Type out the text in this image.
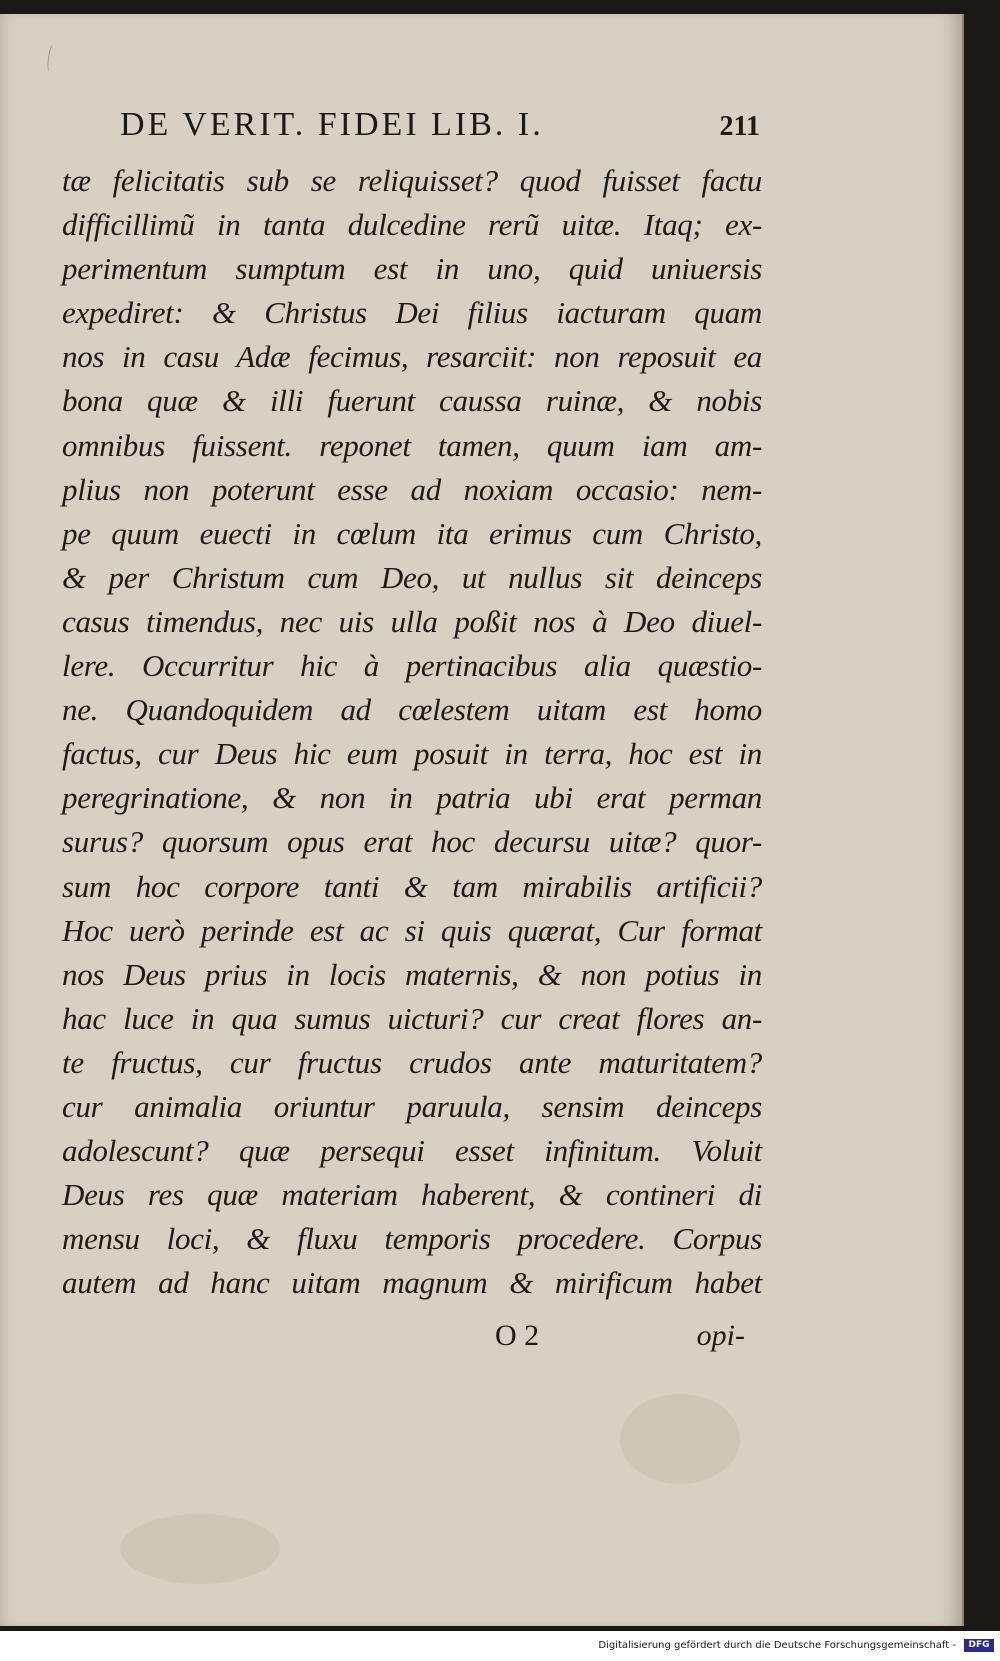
DE VERIT. FIDEI LIB. I.	211
tæ felicitatis sub se reliquisset? quod fuisset factu
difficillimũ in tanta dulcedine rerũ uitæ. Itaq; ex-
perimentum sumptum est in uno, quid uniuersis
expediret: & Christus Dei filius iacturam quam
nos in casu Adæ fecimus, resarciit: non reposuit ea
bona quæ & illi fuerunt caussa ruinæ, & nobis
omnibus fuissent. reponet tamen, quum iam am-
plius non poterunt esse ad noxiam occasio: nem-
pe quum euecti in cœlum ita erimus cum Christo,
& per Christum cum Deo, ut nullus sit deinceps
casus timendus, nec uis ulla poßit nos à Deo diuel-
lere. Occurritur hic à pertinacibus alia quæstio-
ne. Quandoquidem ad cœlestem uitam est homo
factus, cur Deus hic eum posuit in terra, hoc est in
peregrinatione, & non in patria ubi erat perman
surus? quorsum opus erat hoc decursu uitæ? quor-
sum hoc corpore tanti & tam mirabilis artificii?
Hoc uerò perinde est ac si quis quærat, Cur format
nos Deus prius in locis maternis, & non potius in
hac luce in qua sumus uicturi? cur creat flores an-
te fructus, cur fructus crudos ante maturitatem?
cur animalia oriuntur paruula, sensim deinceps
adolescunt? quæ persequi esset infinitum. Voluit
Deus res quæ materiam haberent, & contineri di
mensu loci, & fluxu temporis procedere. Corpus
autem ad hanc uitam magnum & mirificum habet
O 2	opi-
Digitalisierung gefördert durch die Deutsche Forschungsgemeinschaft -	DFG
